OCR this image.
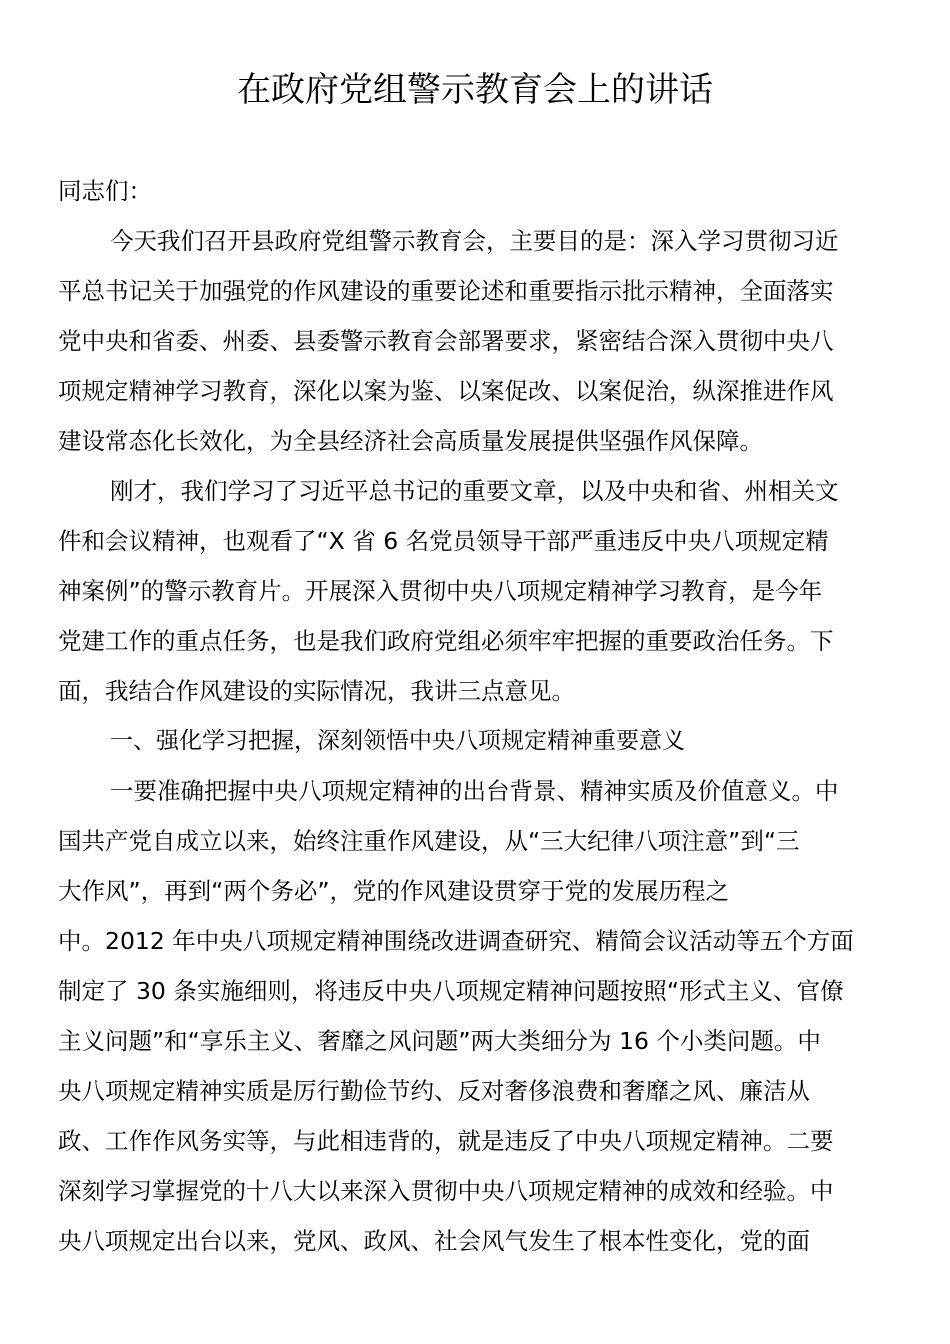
在政府党组警示教育会上的讲话
同志们：
今天我们召开县政府党组警示教育会，主要目的是：深入学习贯彻习近
平总书记关于加强党的作风建设的重要论述和重要指示批示精神，全面落实
党中央和省委、州委、县委警示教育会部署要求，紧密结合深入贯彻中央八
项规定精神学习教育，深化以案为鉴、以案促改、以案促治，纵深推进作风
建设常态化长效化，为全县经济社会高质量发展提供坚强作风保障。
刚才，我们学习了习近平总书记的重要文章，以及中央和省、州相关文
件和会议精神，也观看了“X 省 6 名党员领导干部严重违反中央八项规定精
神案例”的警示教育片。开展深入贯彻中央八项规定精神学习教育，是今年
党建工作的重点任务，也是我们政府党组必须牢牢把握的重要政治任务。下
面，我结合作风建设的实际情况，我讲三点意见。
一、强化学习把握，深刻领悟中央八项规定精神重要意义
一要准确把握中央八项规定精神的出台背景、精神实质及价值意义。中
国共产党自成立以来，始终注重作风建设，从“三大纪律八项注意”到“三
大作风”，再到“两个务必”，党的作风建设贯穿于党的发展历程之
中。2012 年中央八项规定精神围绕改进调查研究、精简会议活动等五个方面
制定了 30 条实施细则，将违反中央八项规定精神问题按照“形式主义、官僚
主义问题”和“享乐主义、奢靡之风问题”两大类细分为 16 个小类问题。中
央八项规定精神实质是厉行勤俭节约、反对奢侈浪费和奢靡之风、廉洁从
政、工作作风务实等，与此相违背的，就是违反了中央八项规定精神。二要
深刻学习掌握党的十八大以来深入贯彻中央八项规定精神的成效和经验。中
央八项规定出台以来，党风、政风、社会风气发生了根本性变化，党的面
